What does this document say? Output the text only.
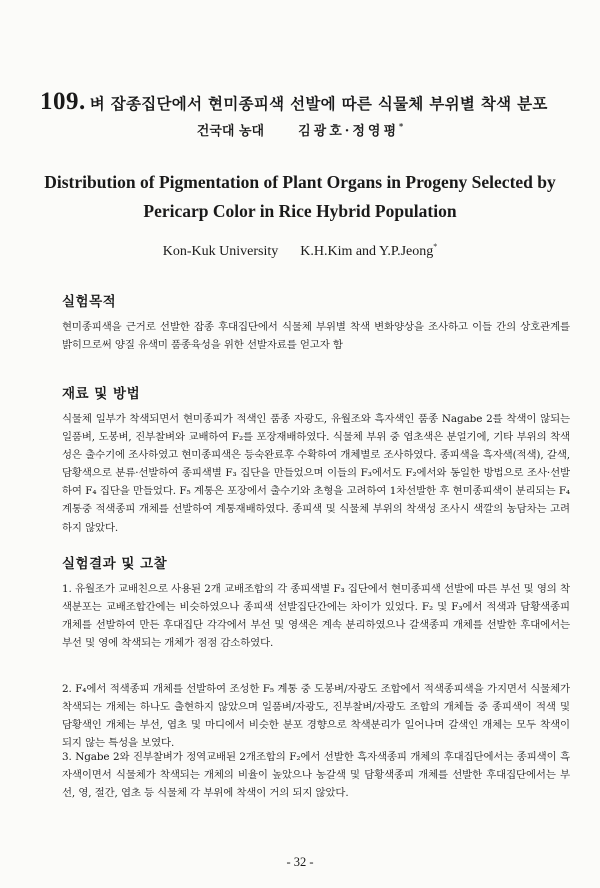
109. 벼 잡종집단에서 현미종피색 선발에 따른 식물체 부위별 착색 분포
건국대 농대	김광호·정영평*
Distribution of Pigmentation of Plant Organs in Progeny Selected by
Pericarp Color in Rice Hybrid Population
Kon-Kuk University K.H.Kim and Y.P.Jeong*
실험목적

현미종피색을 근거로 선발한 잡종 후대집단에서 식물체 부위별 착색 변화양상을 조사하고 이들 간의 상호관계를 밝히므로써 양질 유색미 품종육성을 위한 선발자료를 얻고자 함

재료 및 방법

식물체 일부가 착색되면서 현미종피가 적색인 품종 자광도, 유월조와 흑자색인 품종 Nagabe 2를 착색이 않되는 일품벼, 도봉벼, 진부찰벼와 교배하여 F₂를 포장재배하였다. 식물체 부위 중 엽초색은 분얼기에, 기타 부위의 착색성은 출수기에 조사하였고 현미종피색은 등숙완료후 수확하여 개체별로 조사하였다. 종피색을 흑자색(적색), 갈색, 담황색으로 분류·선발하여 종피색별 F₃ 집단을 만들었으며 이들의 F₃에서도 F₂에서와 동일한 방법으로 조사·선발하여 F₄ 집단을 만들었다. F₅ 계통은 포장에서 출수기와 초형을 고려하여 1차선발한 후 현미종피색이 분리되는 F₄ 계통중 적색종피 개체를 선발하여 계통재배하였다. 종피색 및 식물체 부위의 착색성 조사시 색깔의 농담차는 고려하지 않았다.

실험결과 및 고찰

1. 유월조가 교배친으로 사용된 2개 교배조합의 각 종피색별 F₃ 집단에서 현미종피색 선발에 따른 부선 및 영의 착색분포는 교배조합간에는 비슷하였으나 종피색 선발집단간에는 차이가 있었다. F₂ 및 F₃에서 적색과 담황색종피 개체를 선발하여 만든 후대집단 각각에서 부선 및 영색은 계속 분리하였으나 갈색종피 개체를 선발한 후대에서는 부선 및 영에 착색되는 개체가 점점 감소하였다.

2. F₄에서 적색종피 개체를 선발하여 조성한 F₅ 계통 중 도봉벼/자광도 조합에서 적색종피색을 가지면서 식물체가 착색되는 개체는 하나도 출현하지 않았으며 일품벼/자광도, 진부찰벼/자광도 조합의 개체들 중 종피색이 적색 및 담황색인 개체는 부선, 엽초 및 마디에서 비슷한 분포 경향으로 착색분리가 일어나며 갈색인 개체는 모두 착색이 되지 않는 특성을 보였다.

3. Ngabe 2와 진부찰벼가 정역교배된 2개조합의 F₂에서 선발한 흑자색종피 개체의 후대집단에서는 종피색이 흑자색이면서 식물체가 착색되는 개체의 비율이 높았으나 농갈색 및 담황색종피 개체를 선발한 후대집단에서는 부선, 영, 절간, 엽초 등 식물체 각 부위에 착색이 거의 되지 않았다.

- 32 -
